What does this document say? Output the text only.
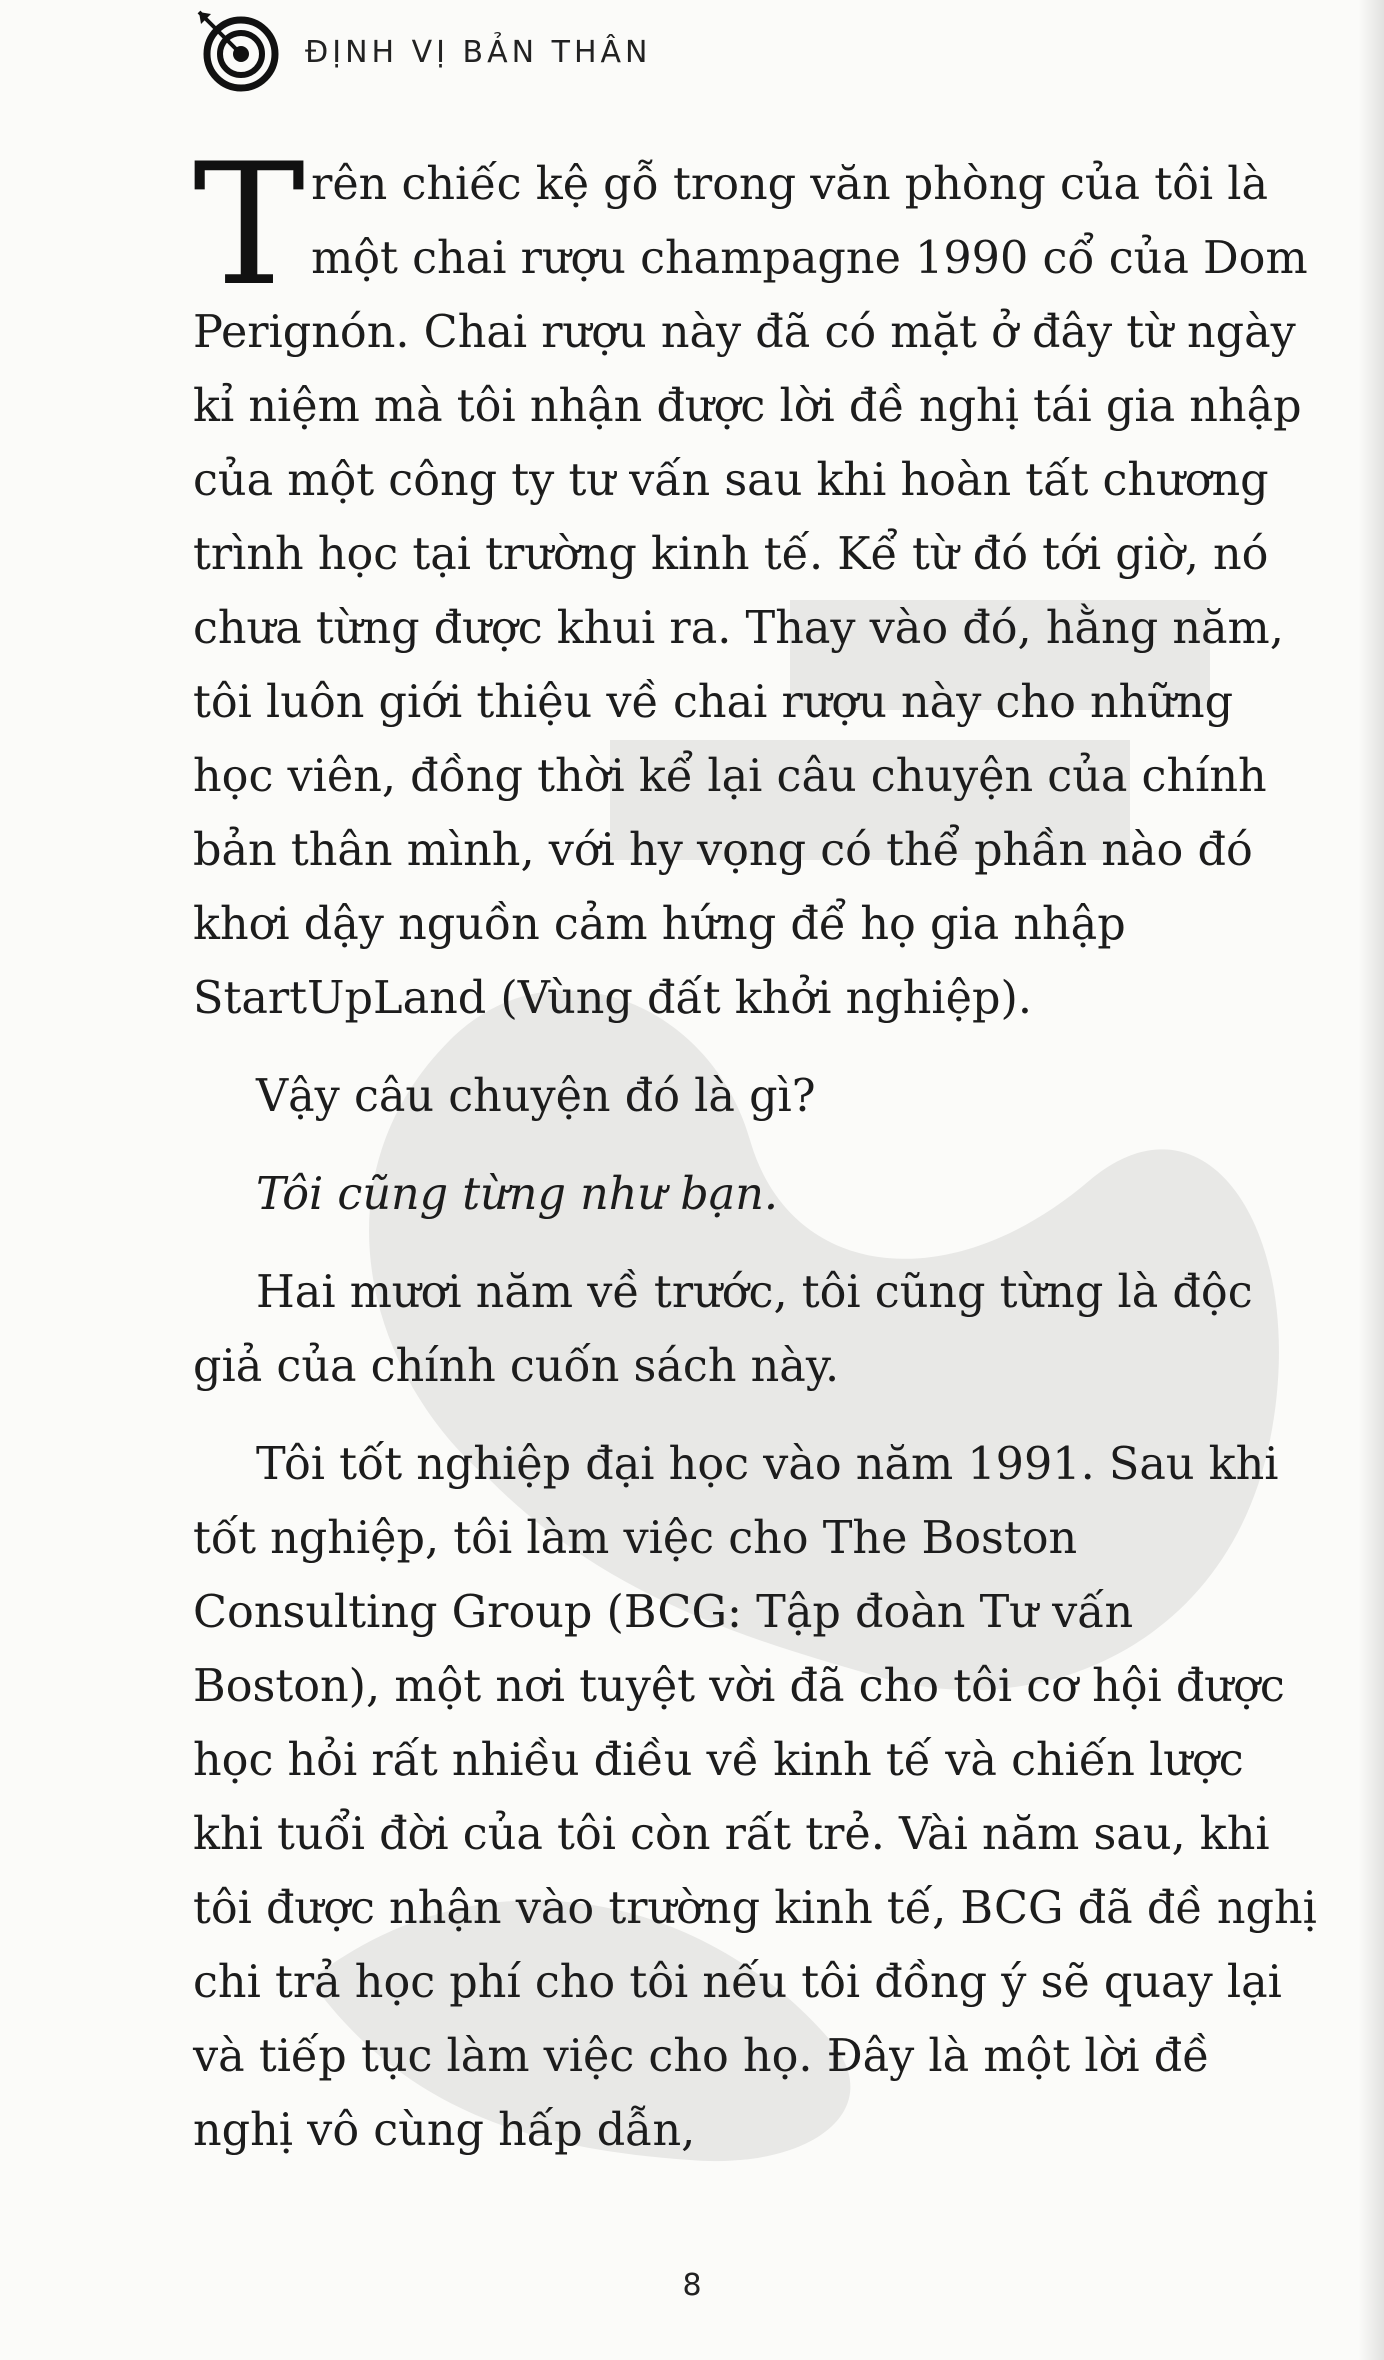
ĐỊNH VỊ BẢN THÂN

Trên chiếc kệ gỗ trong văn phòng của tôi là một chai rượu champagne 1990 cổ của Dom Perignón. Chai rượu này đã có mặt ở đây từ ngày kỉ niệm mà tôi nhận được lời đề nghị tái gia nhập của một công ty tư vấn sau khi hoàn tất chương trình học tại trường kinh tế. Kể từ đó tới giờ, nó chưa từng được khui ra. Thay vào đó, hằng năm, tôi luôn giới thiệu về chai rượu này cho những học viên, đồng thời kể lại câu chuyện của chính bản thân mình, với hy vọng có thể phần nào đó khơi dậy nguồn cảm hứng để họ gia nhập StartUpLand (Vùng đất khởi nghiệp).

Vậy câu chuyện đó là gì?

Tôi cũng từng như bạn.

Hai mươi năm về trước, tôi cũng từng là độc giả của chính cuốn sách này.

Tôi tốt nghiệp đại học vào năm 1991. Sau khi tốt nghiệp, tôi làm việc cho The Boston Consulting Group (BCG: Tập đoàn Tư vấn Boston), một nơi tuyệt vời đã cho tôi cơ hội được học hỏi rất nhiều điều về kinh tế và chiến lược khi tuổi đời của tôi còn rất trẻ. Vài năm sau, khi tôi được nhận vào trường kinh tế, BCG đã đề nghị chi trả học phí cho tôi nếu tôi đồng ý sẽ quay lại và tiếp tục làm việc cho họ. Đây là một lời đề nghị vô cùng hấp dẫn,

8
